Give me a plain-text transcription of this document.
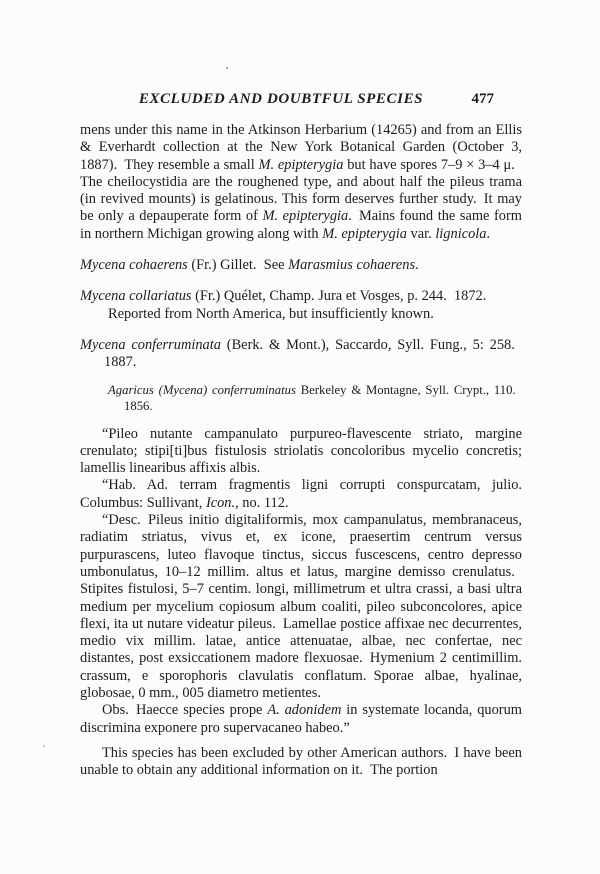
EXCLUDED AND DOUBTFUL SPECIES	477

mens under this name in the Atkinson Herbarium (14265) and from an Ellis & Everhardt collection at the New York Botanical Garden (October 3, 1887). They resemble a small M. epipterygia but have spores 7–9 × 3–4 μ. The cheilocystidia are the roughened type, and about half the pileus trama (in revived mounts) is gelatinous. This form deserves further study. It may be only a depauperate form of M. epipterygia. Mains found the same form in northern Michigan growing along with M. epipterygia var. lignicola.

Mycena cohaerens (Fr.) Gillet. See Marasmius cohaerens.

Mycena collariatus (Fr.) Quélet, Champ. Jura et Vosges, p. 244. 1872.

Reported from North America, but insufficiently known.

Mycena conferruminata (Berk. & Mont.), Saccardo, Syll. Fung., 5: 258. 1887.

Agaricus (Mycena) conferruminatus Berkeley & Montagne, Syll. Crypt., 110. 1856.

“Pileo nutante campanulato purpureo-flavescente striato, margine crenulato; stipi[ti]bus fistulosis striolatis concoloribus mycelio concretis; lamellis linearibus affixis albis.

“Hab. Ad. terram fragmentis ligni corrupti conspurcatam, julio. Columbus: Sullivant, Icon., no. 112.

“Desc. Pileus initio digitaliformis, mox campanulatus, membranaceus, radiatim striatus, vivus et, ex icone, praesertim centrum versus purpurascens, luteo flavoque tinctus, siccus fuscescens, centro depresso umbonulatus, 10–12 millim. altus et latus, margine demisso crenulatus. Stipites fistulosi, 5–7 centim. longi, millimetrum et ultra crassi, a basi ultra medium per mycelium copiosum album coaliti, pileo subconcolores, apice flexi, ita ut nutare videatur pileus. Lamellae postice affixae nec decurrentes, medio vix millim. latae, antice attenuatae, albae, nec confertae, nec distantes, post exsiccationem madore flexuosae. Hymenium 2 centimillim. crassum, e sporophoris clavulatis conflatum. Sporae albae, hyalinae, globosae, 0 mm., 005 diametro metientes.

Obs. Haecce species prope A. adonidem in systemate locanda, quorum discrimina exponere pro supervacaneo habeo.”

This species has been excluded by other American authors. I have been unable to obtain any additional information on it. The portion
